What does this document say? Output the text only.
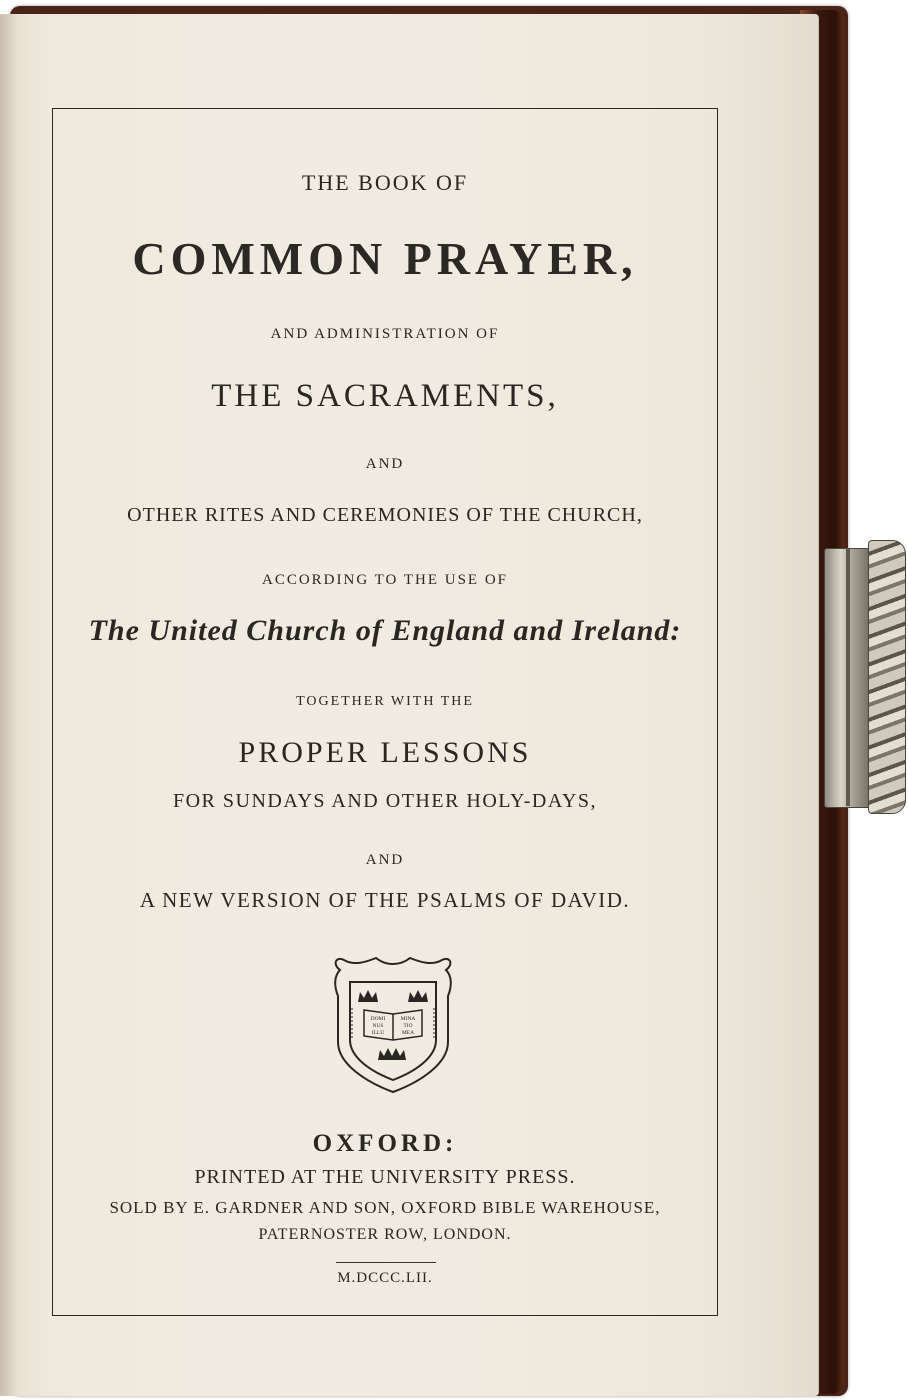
THE BOOK OF
COMMON PRAYER,
AND ADMINISTRATION OF
THE SACRAMENTS,
AND
OTHER RITES AND CEREMONIES OF THE CHURCH,
ACCORDING TO THE USE OF
The United Church of England and Ireland:
TOGETHER WITH THE
PROPER LESSONS
FOR SUNDAYS AND OTHER HOLY-DAYS,
AND
A NEW VERSION OF THE PSALMS OF DAVID.
DOMI
NUS
ILLU
MINA
TIO
MEA
OXFORD:
PRINTED AT THE UNIVERSITY PRESS.
SOLD BY E. GARDNER AND SON, OXFORD BIBLE WAREHOUSE,
PATERNOSTER ROW, LONDON.
M.DCCC.LII.
